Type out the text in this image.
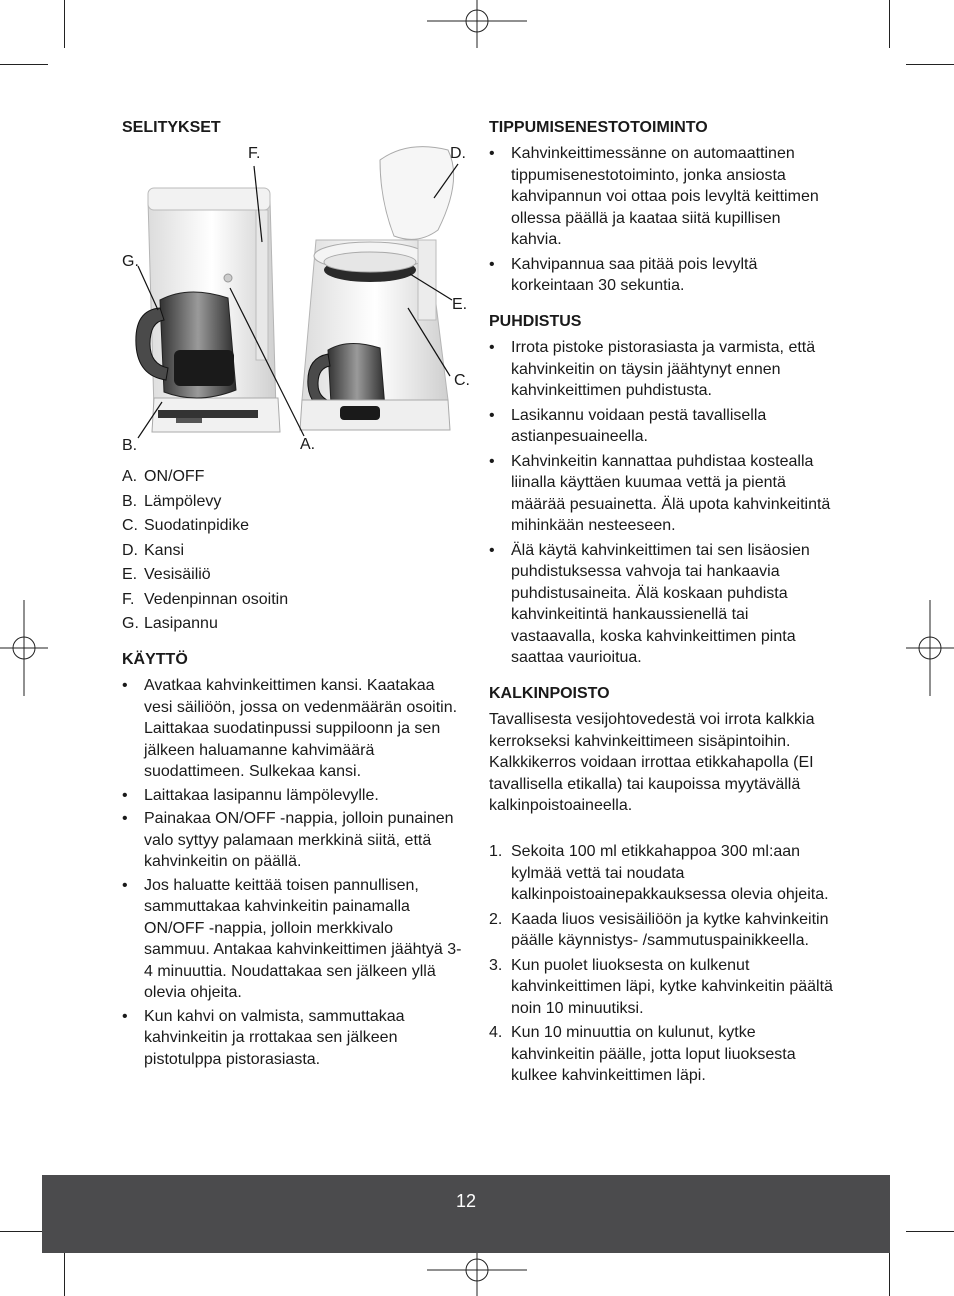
SELITYKSET
A. ON/OFF
B. Lämpölevy
C. Suodatinpidike
D. Kansi
E. Vesisäiliö
F. Vedenpinnan osoitin
G. Lasipannu
KÄYTTÖ
• Avatkaa kahvinkeittimen kansi. Kaatakaa vesi säiliöön, jossa on vedenmäärän osoitin. Laittakaa suodatinpussi suppiloonn ja sen jälkeen haluamanne kahvimäärä suodattimeen. Sulkekaa kansi.
• Laittakaa lasipannu lämpölevylle.
• Painakaa ON/OFF -nappia, jolloin punainen valo syttyy palamaan merkkinä siitä, että kahvinkeitin on päällä.
• Jos haluatte keittää toisen pannullisen, sammuttakaa kahvinkeitin painamalla ON/OFF -nappia, jolloin merkkivalo sammuu. Antakaa kahvinkeittimen jäähtyä 3-4 minuuttia. Noudattakaa sen jälkeen yllä olevia ohjeita.
• Kun kahvi on valmista, sammuttakaa kahvinkeitin ja rrottakaa sen jälkeen pistotulppa pistorasiasta.
F.	D.
G.
E.
C.
B.	A.
TIPPUMISENESTOTOIMINTO
• Kahvinkeittimessänne on automaattinen tippumisenestotoiminto, jonka ansiosta kahvipannun voi ottaa pois levyltä keittimen ollessa päällä ja kaataa siitä kupillisen kahvia.
• Kahvipannua saa pitää pois levyltä korkeintaan 30 sekuntia.
PUHDISTUS
• Irrota pistoke pistorasiasta ja varmista, että kahvinkeitin on täysin jäähtynyt ennen kahvinkeittimen puhdistusta.
• Lasikannu voidaan pestä tavallisella astianpesuaineella.
• Kahvinkeitin kannattaa puhdistaa kostealla liinalla käyttäen kuumaa vettä ja pientä määrää pesuainetta. Älä upota kahvinkeitintä mihinkään nesteeseen.
• Älä käytä kahvinkeittimen tai sen lisäosien puhdistuksessa vahvoja tai hankaavia puhdistusaineita. Älä koskaan puhdista kahvinkeitintä hankaussienellä tai vastaavalla, koska kahvinkeittimen pinta saattaa vaurioitua.
KALKINPOISTO
Tavallisesta vesijohtovedestä voi irrota kalkkia kerrokseksi kahvinkeittimeen sisäpintoihin. Kalkkikerros voidaan irrottaa etikkahapolla (EI tavallisella etikalla) tai kaupoissa myytävällä kalkinpoistoaineella.
1. Sekoita 100 ml etikkahappoa 300 ml:aan kylmää vettä tai noudata kalkinpoistoainepakkauksessa olevia ohjeita.
2. Kaada liuos vesisäiliöön ja kytke kahvinkeitin päälle käynnistys- /sammutuspainikkeella.
3. Kun puolet liuoksesta on kulkenut kahvinkeittimen läpi, kytke kahvinkeitin päältä noin 10 minuutiksi.
4. Kun 10 minuuttia on kulunut, kytke kahvinkeitin päälle, jotta loput liuoksesta kulkee kahvinkeittimen läpi.
12
